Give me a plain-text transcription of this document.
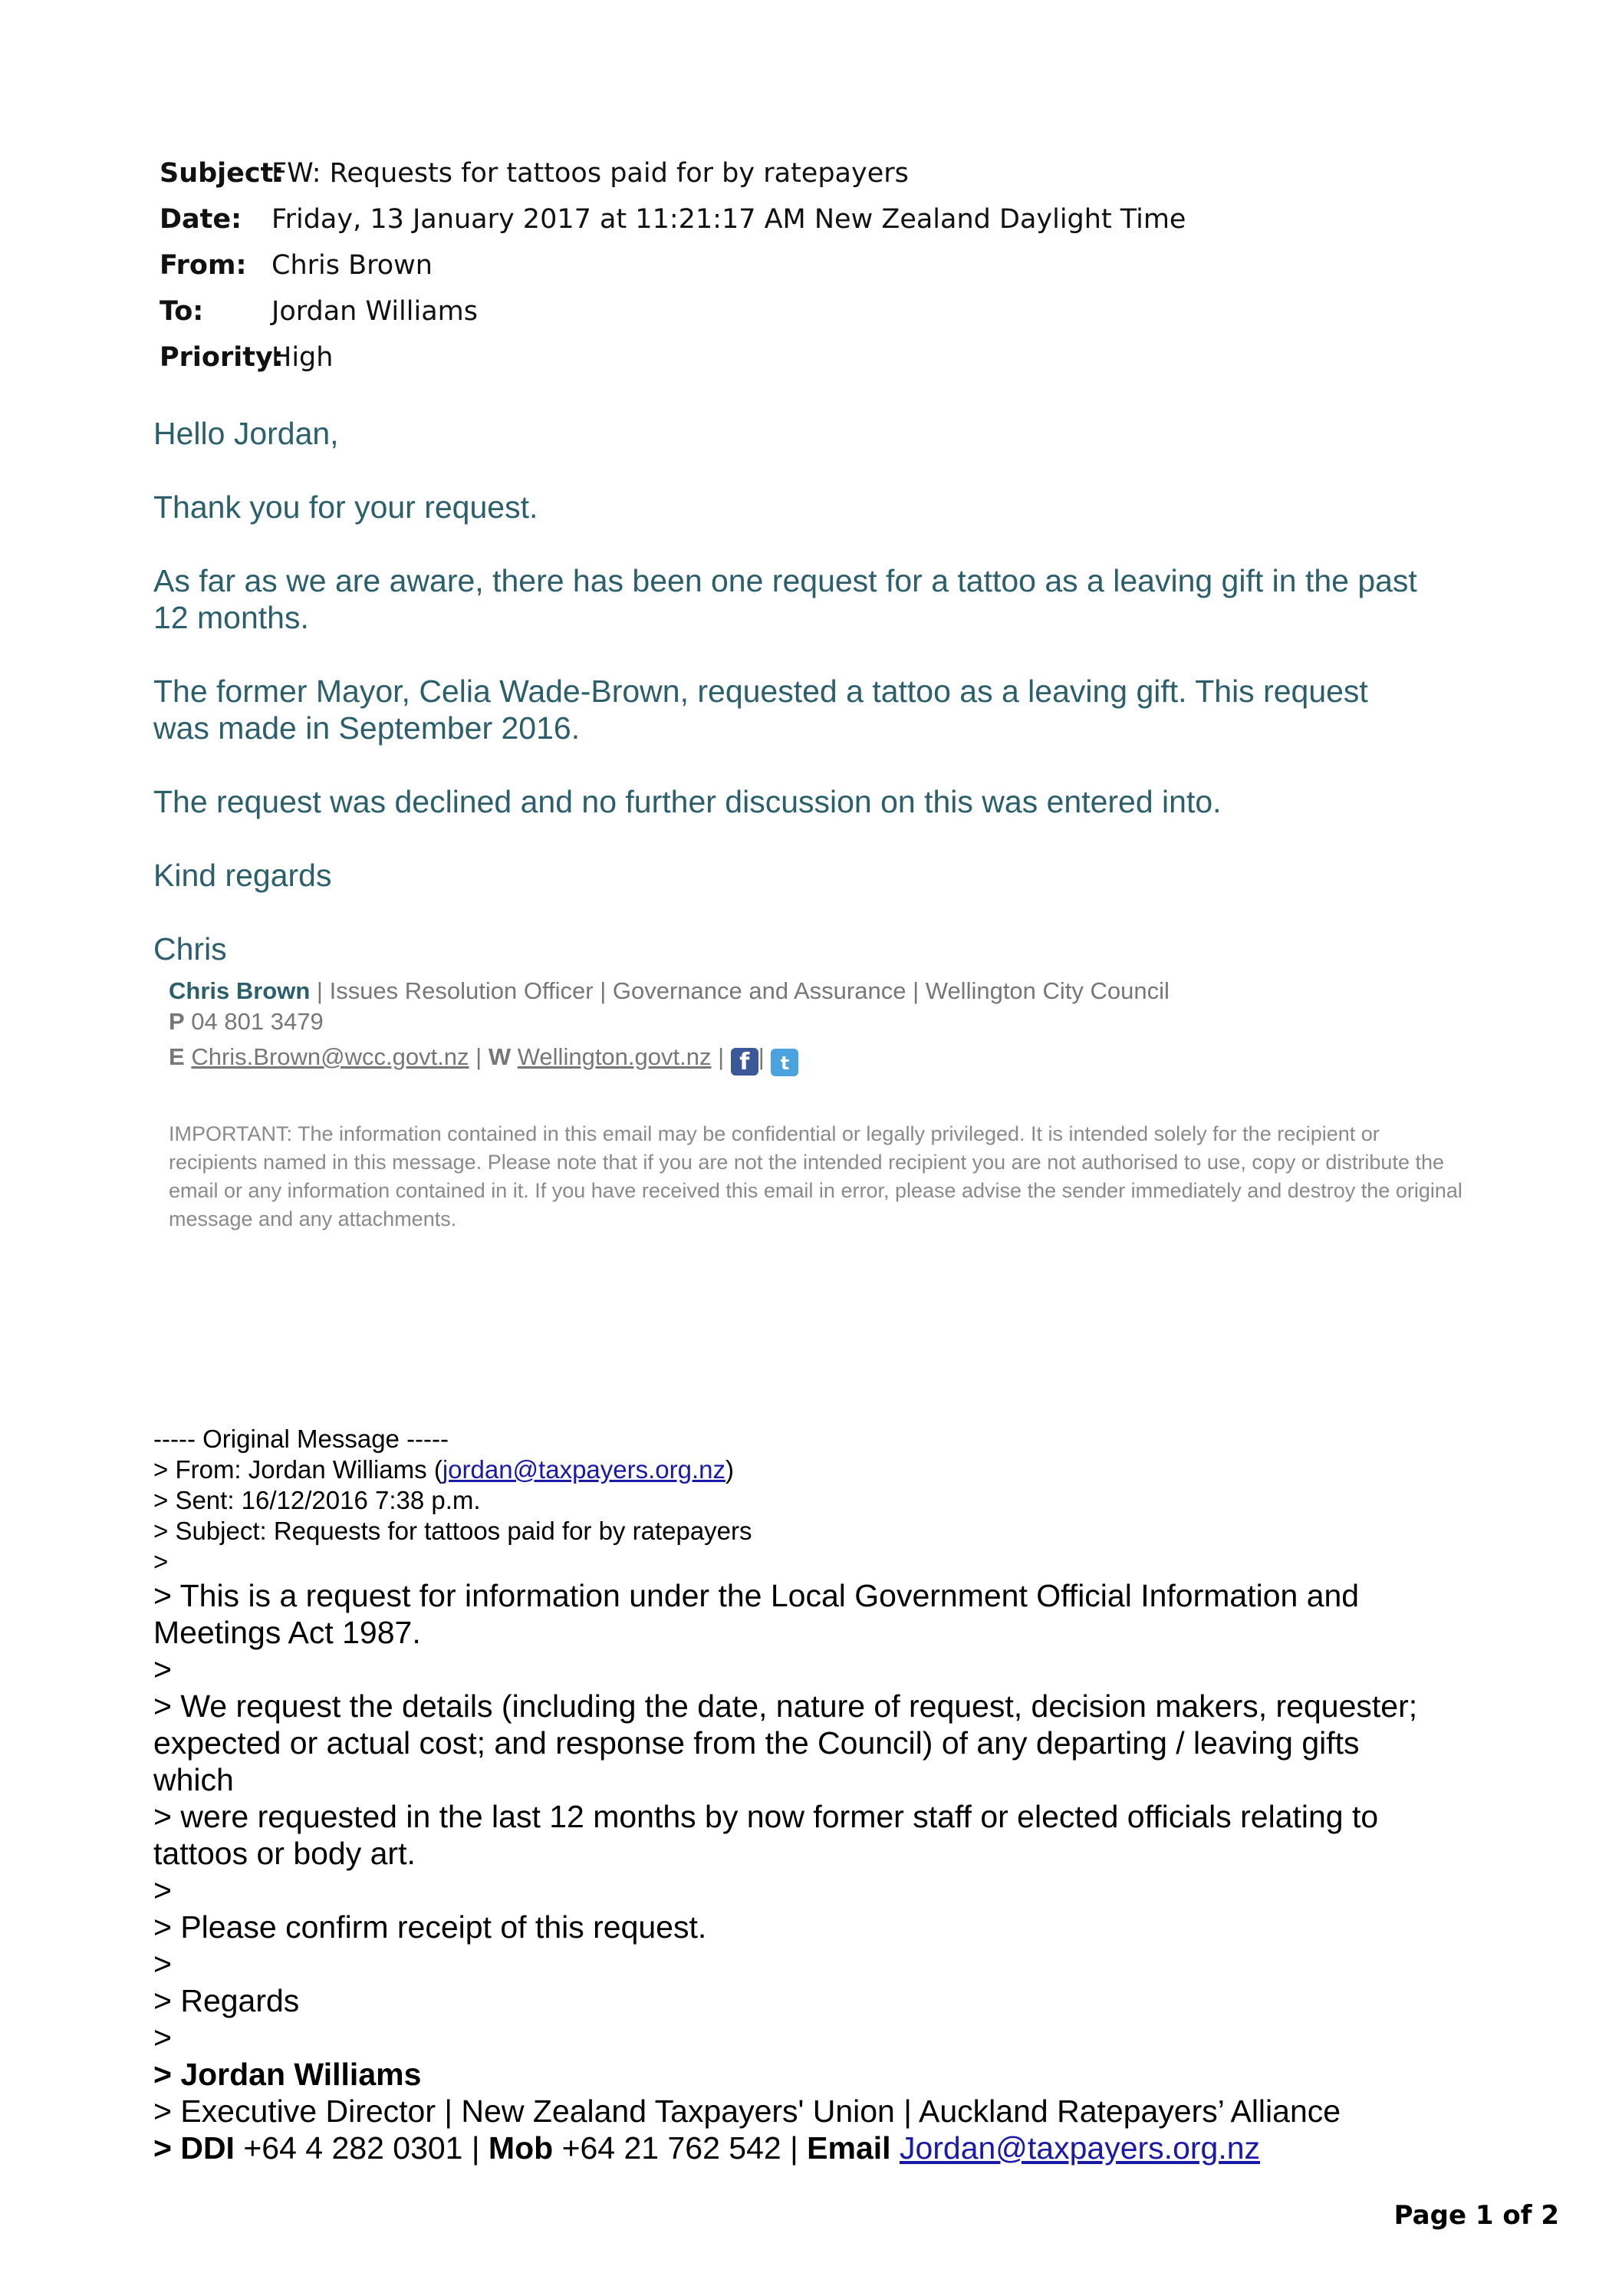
Subject:
FW: Requests for tattoos paid for by ratepayers
Date: Friday, 13 January 2017 at 11:21:17 AM New Zealand Daylight Time
From: Chris Brown
To:	Jordan Williams
Priority:
High
Hello Jordan,
Thank you for your request.
As far as we are aware, there has been one request for a tattoo as a leaving gift in the past
12 months.
The former Mayor, Celia Wade-Brown, requested a tattoo as a leaving gift. This request
was made in September 2016.
The request was declined and no further discussion on this was entered into.
Kind regards
Chris
Chris Brown | Issues Resolution Officer | Governance and Assurance | Wellington City Council
P 04 801 3479
E Chris.Brown@wcc.govt.nz | W Wellington.govt.nz | f | t
IMPORTANT: The information contained in this email may be confidential or legally privileged. It is intended solely for the recipient or recipients named in this message. Please note that if you are not the intended recipient you are not authorised to use, copy or distribute the email or any information contained in it. If you have received this email in error, please advise the sender immediately and destroy the original message and any attachments.
----- Original Message -----
> From: Jordan Williams (jordan@taxpayers.org.nz)
> Sent: 16/12/2016 7:38 p.m.
> Subject: Requests for tattoos paid for by ratepayers
>
> This is a request for information under the Local Government Official Information and
Meetings Act 1987.
>
> We request the details (including the date, nature of request, decision makers, requester;
expected or actual cost; and response from the Council) of any departing / leaving gifts
which
> were requested in the last 12 months by now former staff or elected officials relating to
tattoos or body art.
>
> Please confirm receipt of this request.
>
> Regards
>
> Jordan Williams
> Executive Director | New Zealand Taxpayers' Union | Auckland Ratepayers’ Alliance
> DDI +64 4 282 0301 | Mob +64 21 762 542 | Email Jordan@taxpayers.org.nz
Page 1 of 2
